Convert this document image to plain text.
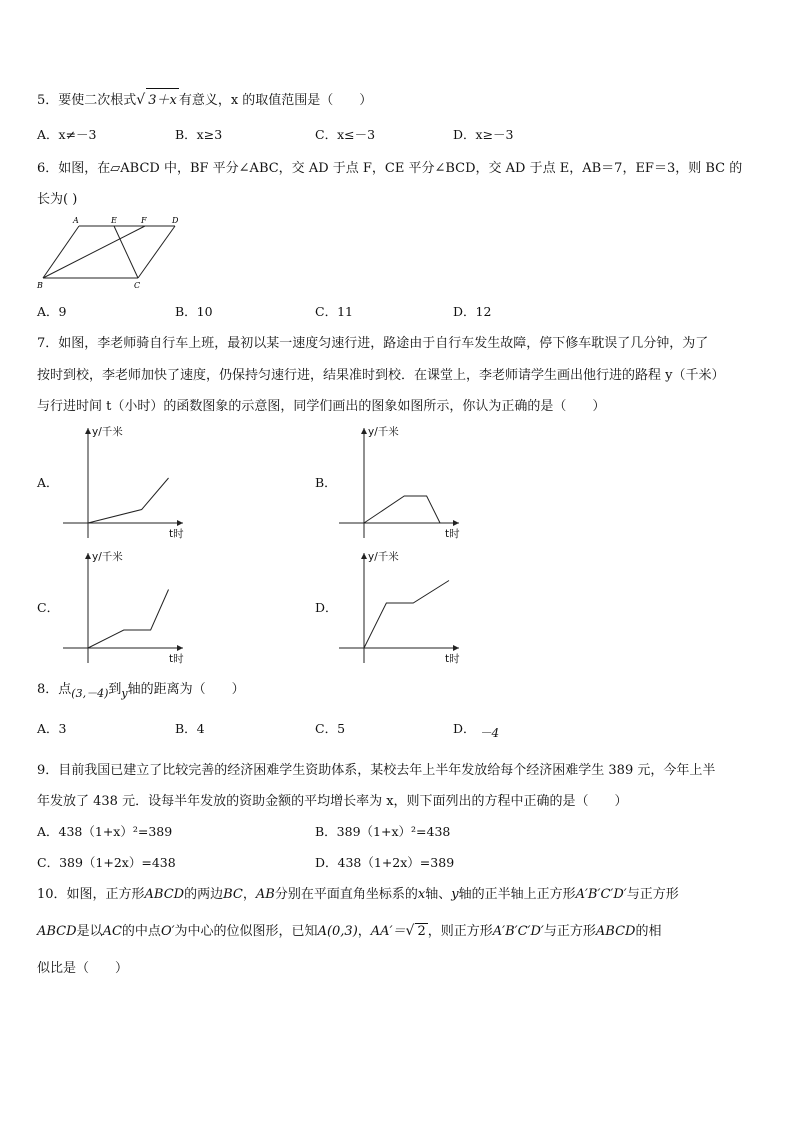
5．要使二次根式√ 3＋x 有意义，x 的取值范围是（　　）
A．x≠－3	B．x≥3	C．x≤－3	D．x≥－3
6．如图，在▱ABCD 中，BF 平分∠ABC，交 AD 于点 F，CE 平分∠BCD，交 AD 于点 E，AB＝7，EF＝3，则 BC 的
长为( )
A	E	F	D
B	C
A．9	B．10	C．11	D．12
7．如图，李老师骑自行车上班，最初以某一速度匀速行进，路途由于自行车发生故障，停下修车耽误了几分钟，为了
按时到校，李老师加快了速度，仍保持匀速行进，结果准时到校．在课堂上，李老师请学生画出他行进的路程 y（千米）
与行进时间 t（小时）的函数图象的示意图，同学们画出的图象如图所示，你认为正确的是（　　）
A．	B．
C．	D．
y/千米
t时
y/千米
t时
y/千米
t时
y/千米
t时
8．点$_{(3,-4)}$到$_y$轴的距离为（　　）
A．3	B．4	C．5	D． －4
9．目前我国已建立了比较完善的经济困难学生资助体系，某校去年上半年发放给每个经济困难学生 389 元，今年上半
年发放了 438 元．设每半年发放的资助金额的平均增长率为 x，则下面列出的方程中正确的是（　　）
A．438（1+x）²=389	B．389（1+x）²=438
C．389（1+2x）=438	D．438（1+2x）=389
10．如图，正方形ABCD的两边BC，AB分别在平面直角坐标系的x轴、y轴的正半轴上正方形A′B′C′D′与正方形
ABCD是以AC的中点O′为中心的位似图形，已知A(0,3)，AA′＝√ 2 ，则正方形A′B′C′D′与正方形ABCD的相
似比是（　　）
